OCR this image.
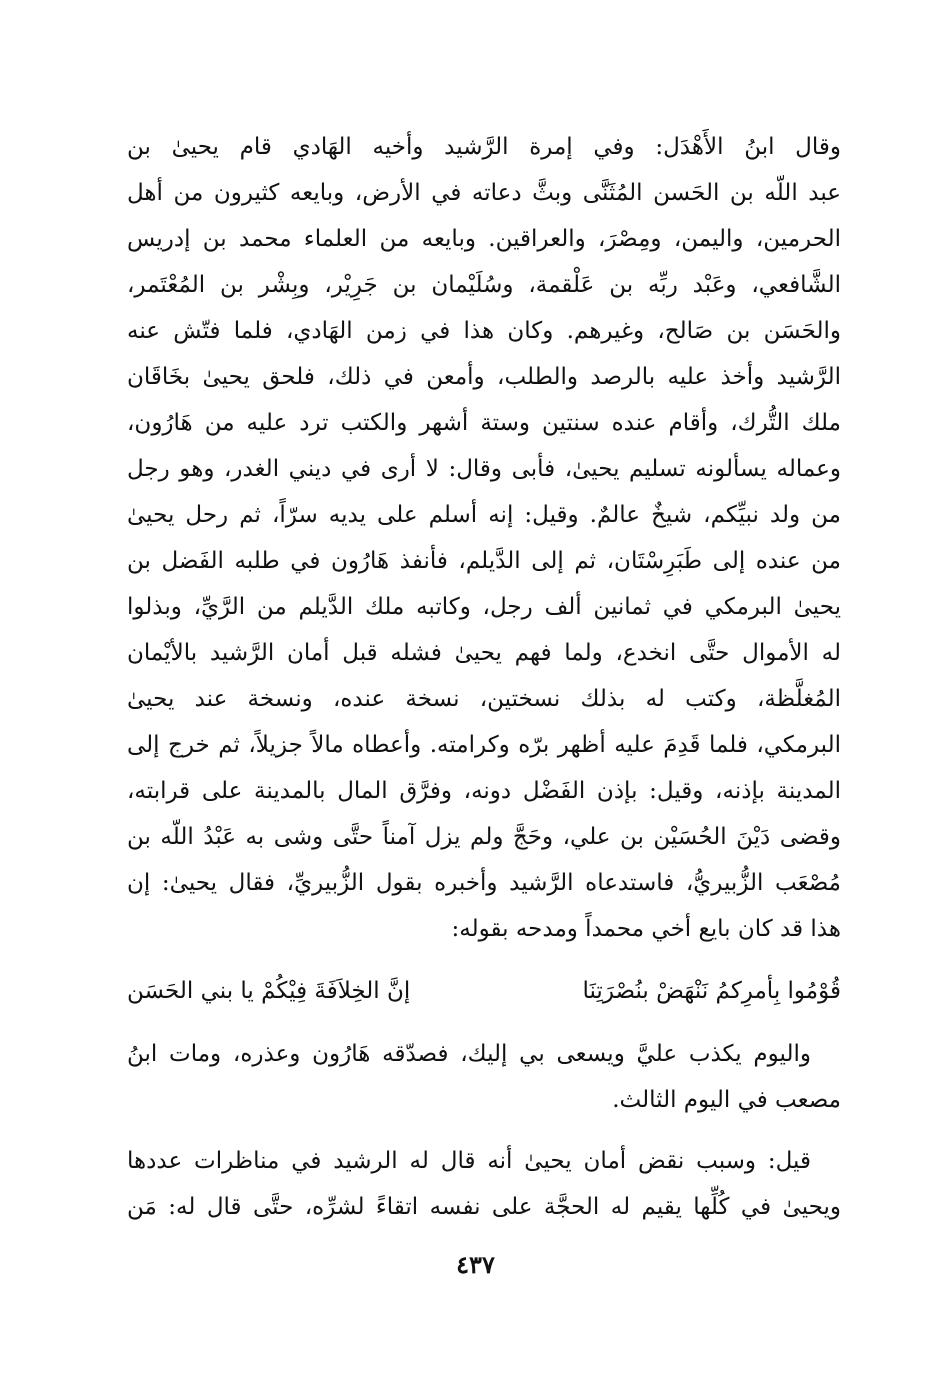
وقال ابنُ الأَهْدَل: وفي إمرة الرَّشيد وأخيه الهَادي قام يحيىٰ بن
عبد اللّه بن الحَسن المُثَنَّى وبثَّ دعاته في الأرض، وبايعه كثيرون من أهل
الحرمين، واليمن، ومِصْرَ، والعراقين. وبايعه من العلماء محمد بن إدريس
الشَّافعي، وعَبْد ربِّه بن عَلْقمة، وسُلَيْمان بن جَرِيْر، وبِشْر بن المُعْتَمر،
والحَسَن بن صَالح، وغيرهم. وكان هذا في زمن الهَادي، فلما فتّش عنه
الرَّشيد وأخذ عليه بالرصد والطلب، وأمعن في ذلك، فلحق يحيىٰ بخَاقَان
ملك التُّرك، وأقام عنده سنتين وستة أشهر والكتب ترد عليه من هَارُون،
وعماله يسألونه تسليم يحيىٰ، فأبى وقال: لا أرى في ديني الغدر، وهو رجل
من ولد نبيِّكم، شيخٌ عالمٌ. وقيل: إنه أسلم على يديه سرّاً، ثم رحل يحيىٰ
من عنده إلى طَبَرِسْتَان، ثم إلى الدَّيلم، فأنفذ هَارُون في طلبه الفَضل بن
يحيىٰ البرمكي في ثمانين ألف رجل، وكاتبه ملك الدَّيلم من الرَّيِّ، وبذلوا
له الأموال حتَّى انخدع، ولما فهم يحيىٰ فشله قبل أمان الرَّشيد بالأيْمان
المُغلَّظة، وكتب له بذلك نسختين، نسخة عنده، ونسخة عند يحيىٰ
البرمكي، فلما قَدِمَ عليه أظهر برّه وكرامته. وأعطاه مالاً جزيلاً، ثم خرج إلى
المدينة بإذنه، وقيل: بإذن الفَضْل دونه، وفرَّق المال بالمدينة على قرابته،
وقضى دَيْنَ الحُسَيْن بن علي، وحَجَّ ولم يزل آمناً حتَّى وشى به عَبْدُ اللّه بن
مُصْعَب الزُّبيريُّ، فاستدعاه الرَّشيد وأخبره بقول الزُّبيريِّ، فقال يحيىٰ: إن
هذا قد كان بايع أخي محمداً ومدحه بقوله:
قُوْمُوا بِأمرِكمُ نَنْهَضْ بنُصْرَتِنَا
إنَّ الخِلاَفَةَ فِيْكُمْ يا بني الحَسَن
واليوم يكذب عليَّ ويسعى بي إليك، فصدّقه هَارُون وعذره، ومات ابنُ
مصعب في اليوم الثالث.
قيل: وسبب نقض أمان يحيىٰ أنه قال له الرشيد في مناظرات عددها
ويحيىٰ في كُلِّها يقيم له الحجَّة على نفسه اتقاءً لشرِّه، حتَّى قال له: مَن
٤٣٧
